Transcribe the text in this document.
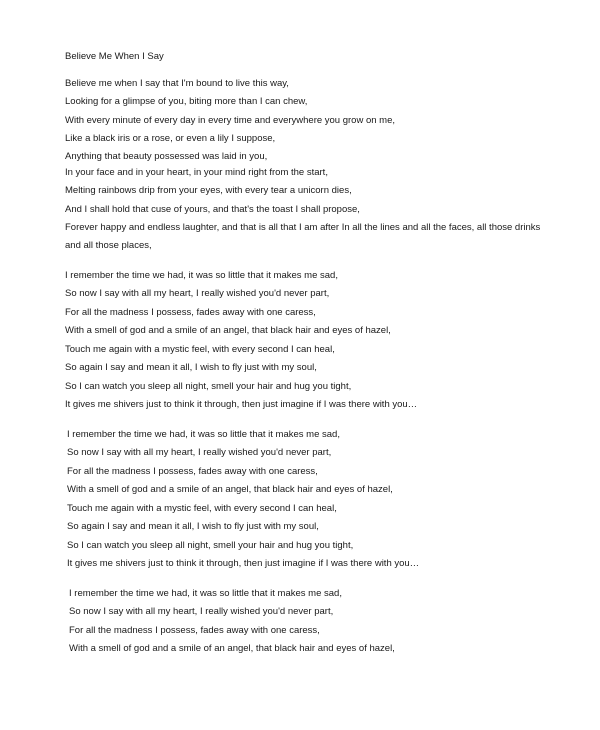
Believe Me When I Say
Believe me when I say that I'm bound to live this way,
Looking for a glimpse of you, biting more than I can chew,
With every minute of every day in every time and everywhere you grow on me,
Like a black iris or a rose, or even a lily I suppose,
Anything that beauty possessed was laid in you,
In your face and in your heart, in your mind right from the start,
Melting rainbows drip from your eyes, with every tear a unicorn dies,
And I shall hold that cuse of yours, and that's the toast I shall propose,
Forever happy and endless laughter, and that is all that I am after In all the lines and all the faces, all those drinks and all those places,
I remember the time we had, it was so little that it makes me sad,
So now I say with all my heart, I really wished you'd never part,
For all the madness I possess, fades away with one caress,
With a smell of god and a smile of an angel, that black hair and eyes of hazel,
Touch me again with a mystic feel, with every second I can heal,
So again I say and mean it all, I wish to fly just with my soul,
So I can watch you sleep all night, smell your hair and hug you tight,
It gives me shivers just to think it through, then just imagine if I was there with you…
I remember the time we had, it was so little that it makes me sad,
So now I say with all my heart, I really wished you'd never part,
For all the madness I possess, fades away with one caress,
With a smell of god and a smile of an angel, that black hair and eyes of hazel,
Touch me again with a mystic feel, with every second I can heal,
So again I say and mean it all, I wish to fly just with my soul,
So I can watch you sleep all night, smell your hair and hug you tight,
It gives me shivers just to think it through, then just imagine if I was there with you…
I remember the time we had, it was so little that it makes me sad,
So now I say with all my heart, I really wished you'd never part,
For all the madness I possess, fades away with one caress,
With a smell of god and a smile of an angel, that black hair and eyes of hazel,
